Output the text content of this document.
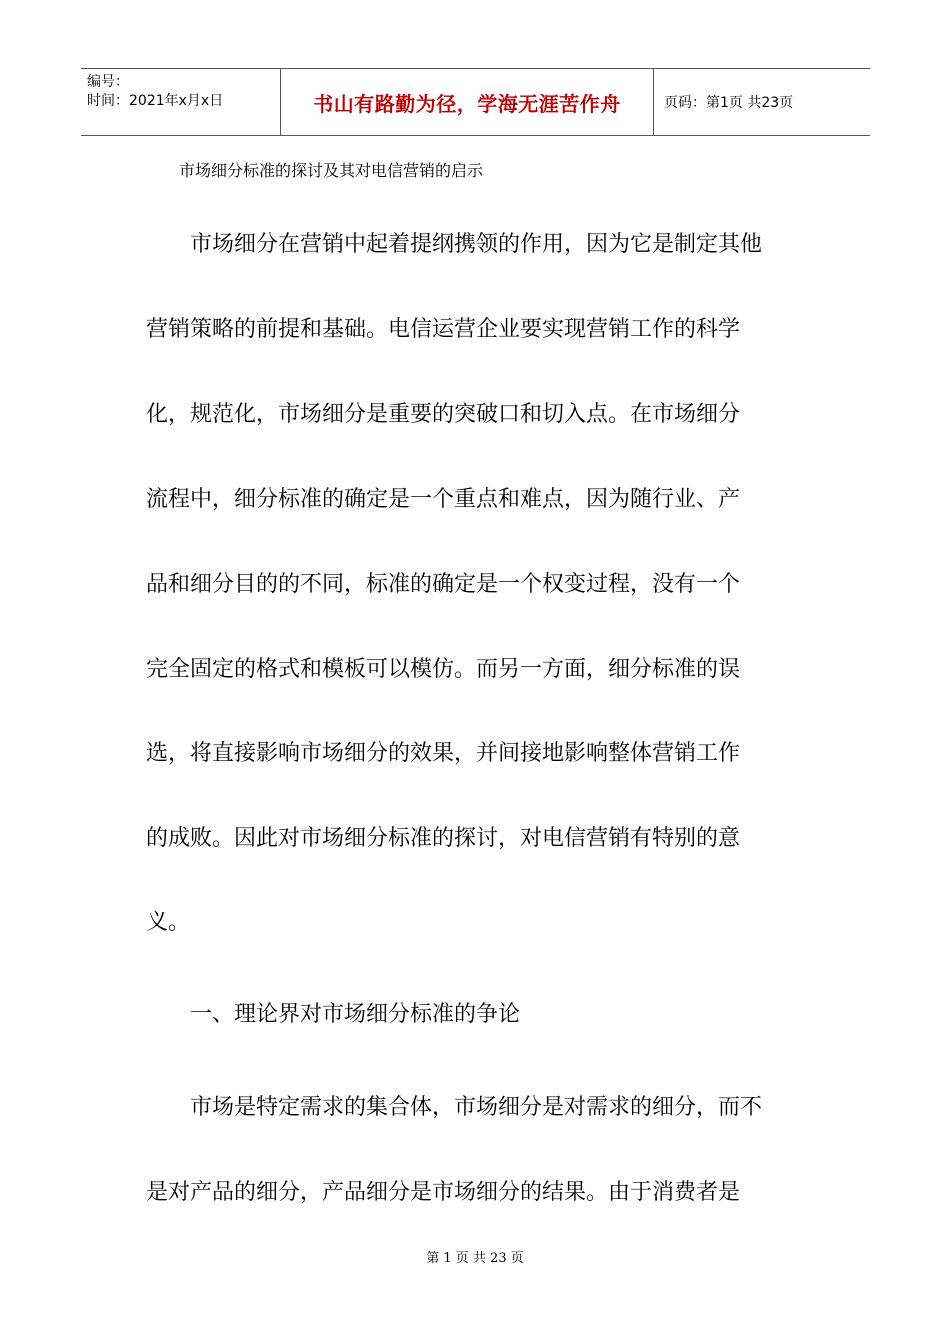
编号：
时间：2021年x月x日	书山有路勤为径，学海无涯苦作舟	页码：第1页 共23页
市场细分标准的探讨及其对电信营销的启示
　　市场细分在营销中起着提纲携领的作用，因为它是制定其他
营销策略的前提和基础。电信运营企业要实现营销工作的科学
化，规范化，市场细分是重要的突破口和切入点。在市场细分
流程中，细分标准的确定是一个重点和难点，因为随行业、产
品和细分目的的不同，标准的确定是一个权变过程，没有一个
完全固定的格式和模板可以模仿。而另一方面，细分标准的误
选，将直接影响市场细分的效果，并间接地影响整体营销工作
的成败。因此对市场细分标准的探讨，对电信营销有特别的意
义。
　　一、理论界对市场细分标准的争论
　　市场是特定需求的集合体，市场细分是对需求的细分，而不
是对产品的细分，产品细分是市场细分的结果。由于消费者是
第 1 页 共 23 页
